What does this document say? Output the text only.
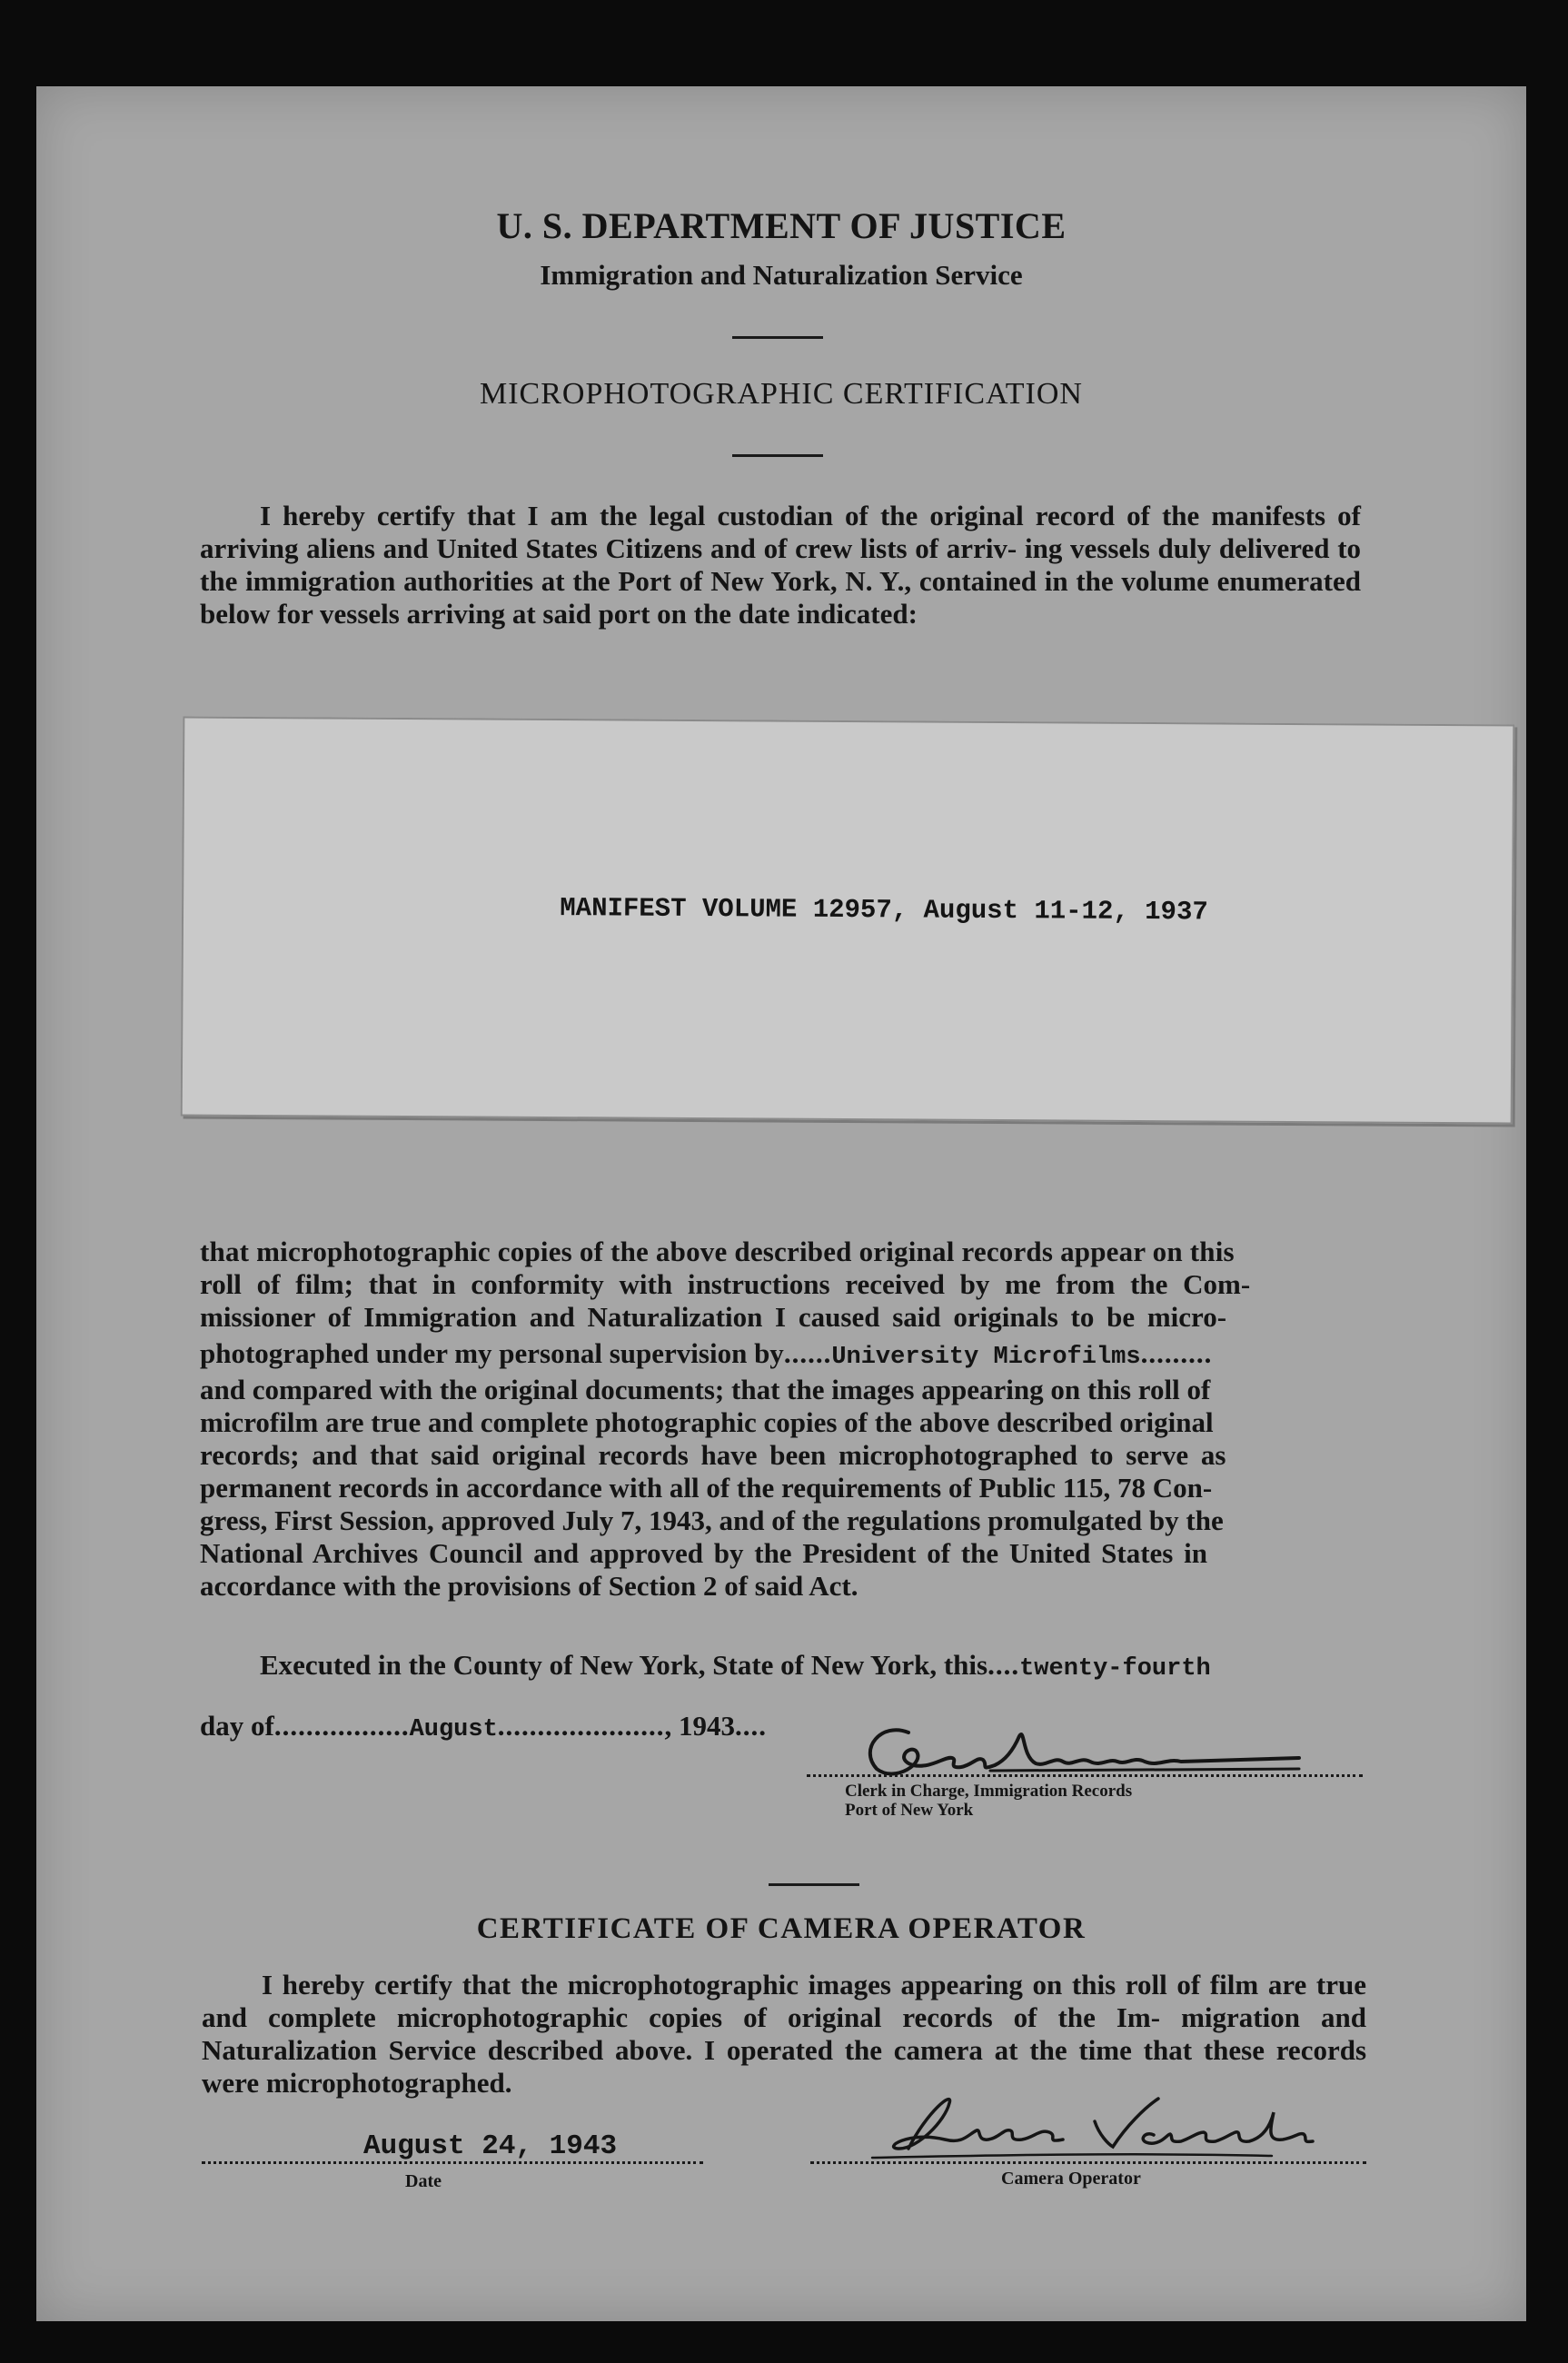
U. S. DEPARTMENT OF JUSTICE
Immigration and Naturalization Service
MICROPHOTOGRAPHIC CERTIFICATION
I hereby certify that I am the legal custodian of the original record of the manifests of arriving aliens and United States Citizens and of crew lists of arriv- ing vessels duly delivered to the immigration authorities at the Port of New York, N. Y., contained in the volume enumerated below for vessels arriving at said port on the date indicated:
MANIFEST VOLUME 12957, August 11-12, 1937
that microphotographic copies of the above described original records appear on this
roll of film; that in conformity with instructions received by me from the Com-
missioner of Immigration and Naturalization I caused said originals to be micro-
photographed under my personal supervision by......University Microfilms.........
and compared with the original documents; that the images appearing on this roll of
microfilm are true and complete photographic copies of the above described original
records; and that said original records have been microphotographed to serve as
permanent records in accordance with all of the requirements of Public 115, 78 Con-
gress, First Session, approved July 7, 1943, and of the regulations promulgated by the
National Archives Council and approved by the President of the United States in
accordance with the provisions of Section 2 of said Act.
Executed in the County of New York, State of New York, this....twenty-fourth
day of.................August....................., 1943....
Clerk in Charge, Immigration Records
Port of New York
CERTIFICATE OF CAMERA OPERATOR
I hereby certify that the microphotographic images appearing on this roll of film are true and complete microphotographic copies of original records of the Im- migration and Naturalization Service described above. I operated the camera at the time that these records were microphotographed.
August 24, 1943
Date	Camera Operator
